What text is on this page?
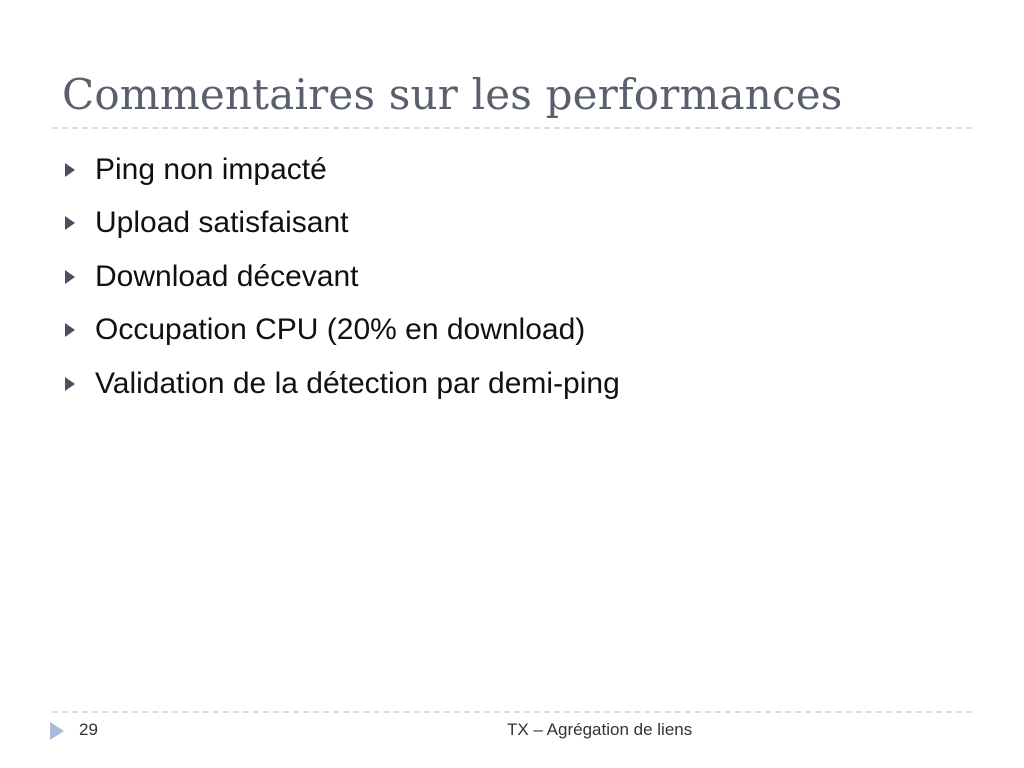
Commentaires sur les performances
Ping non impacté
Upload satisfaisant
Download décevant
Occupation CPU (20% en download)
Validation de la détection par demi-ping
29	TX – Agrégation de liens
